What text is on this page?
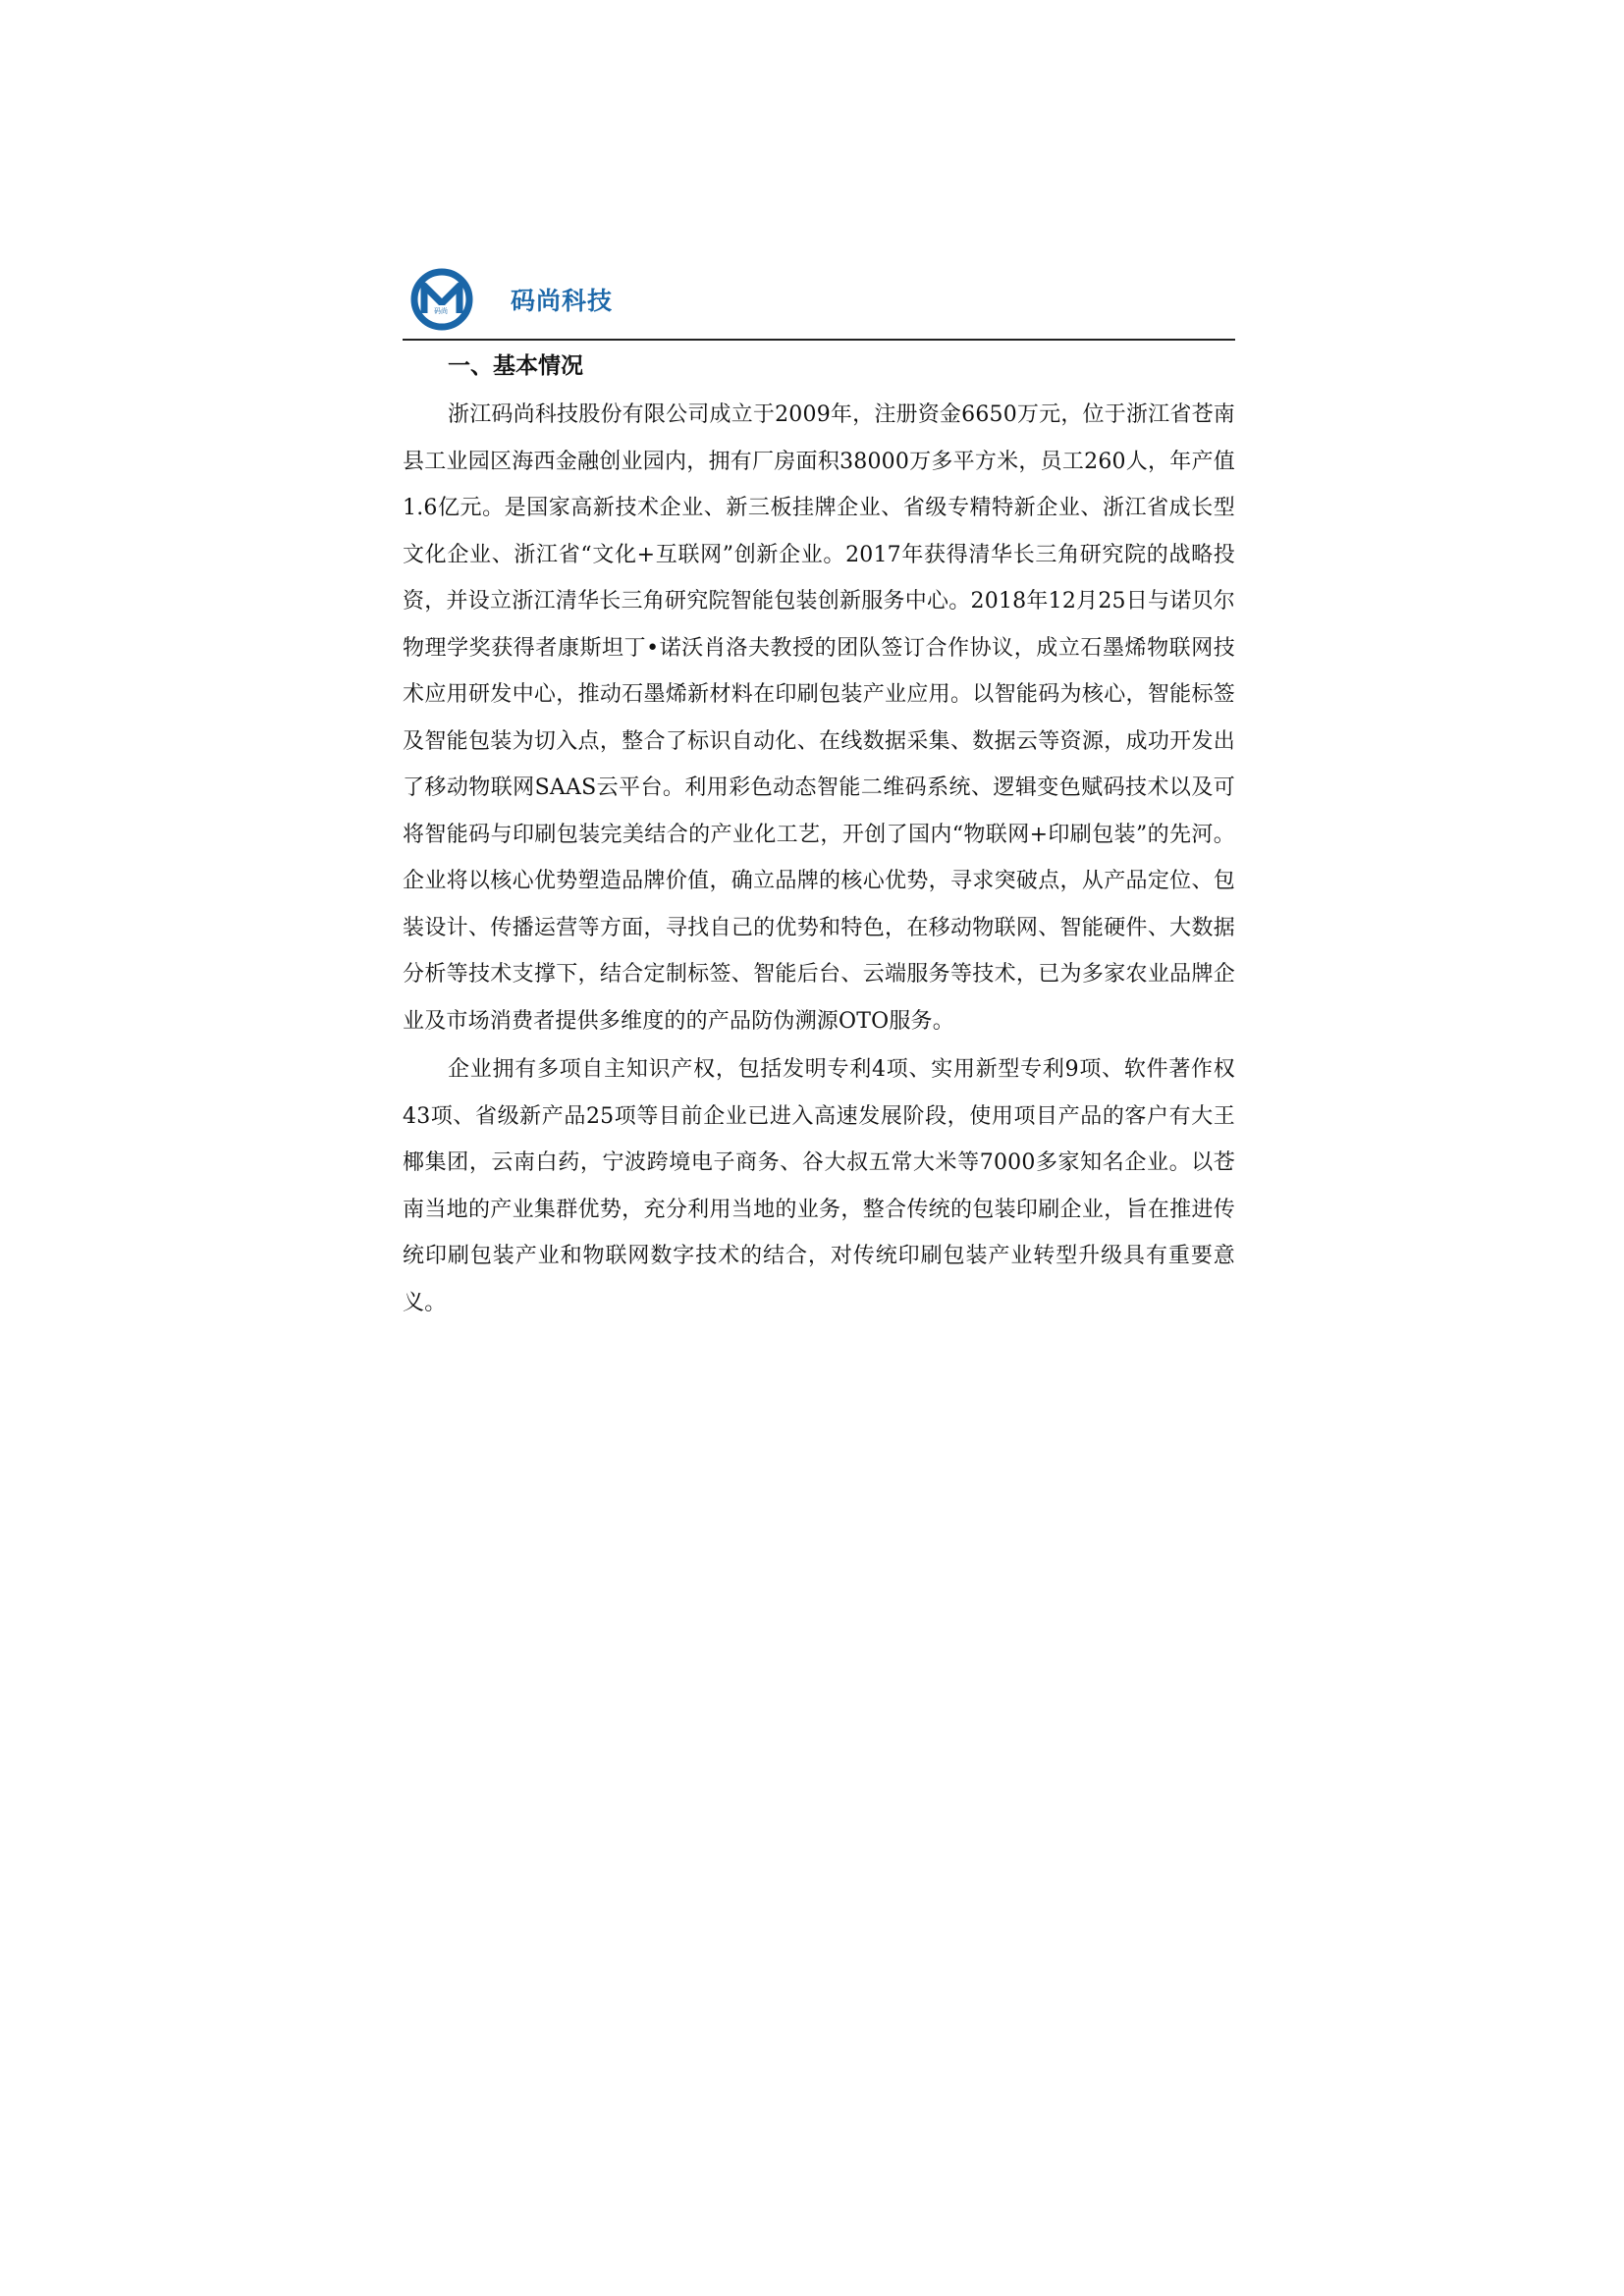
码尚	码尚科技
一、基本情况

浙江码尚科技股份有限公司成立于2009年，注册资金6650万元，位于浙江省苍南县工业园区海西金融创业园内，拥有厂房面积38000万多平方米，员工260人，年产值1.6亿元。是国家高新技术企业、新三板挂牌企业、省级专精特新企业、浙江省成长型文化企业、浙江省“文化+互联网”创新企业。2017年获得清华长三角研究院的战略投资，并设立浙江清华长三角研究院智能包装创新服务中心。2018年12月25日与诺贝尔物理学奖获得者康斯坦丁•诺沃肖洛夫教授的团队签订合作协议，成立石墨烯物联网技术应用研发中心，推动石墨烯新材料在印刷包装产业应用。以智能码为核心，智能标签及智能包装为切入点，整合了标识自动化、在线数据采集、数据云等资源，成功开发出了移动物联网SAAS云平台。利用彩色动态智能二维码系统、逻辑变色赋码技术以及可将智能码与印刷包装完美结合的产业化工艺，开创了国内“物联网+印刷包装”的先河。企业将以核心优势塑造品牌价值，确立品牌的核心优势，寻求突破点，从产品定位、包装设计、传播运营等方面，寻找自己的优势和特色，在移动物联网、智能硬件、大数据分析等技术支撑下，结合定制标签、智能后台、云端服务等技术，已为多家农业品牌企业及市场消费者提供多维度的的产品防伪溯源OTO服务。

企业拥有多项自主知识产权，包括发明专利4项、实用新型专利9项、软件著作权43项、省级新产品25项等目前企业已进入高速发展阶段，使用项目产品的客户有大王椰集团，云南白药，宁波跨境电子商务、谷大叔五常大米等7000多家知名企业。以苍南当地的产业集群优势，充分利用当地的业务，整合传统的包装印刷企业，旨在推进传统印刷包装产业和物联网数字技术的结合，对传统印刷包装产业转型升级具有重要意义。
